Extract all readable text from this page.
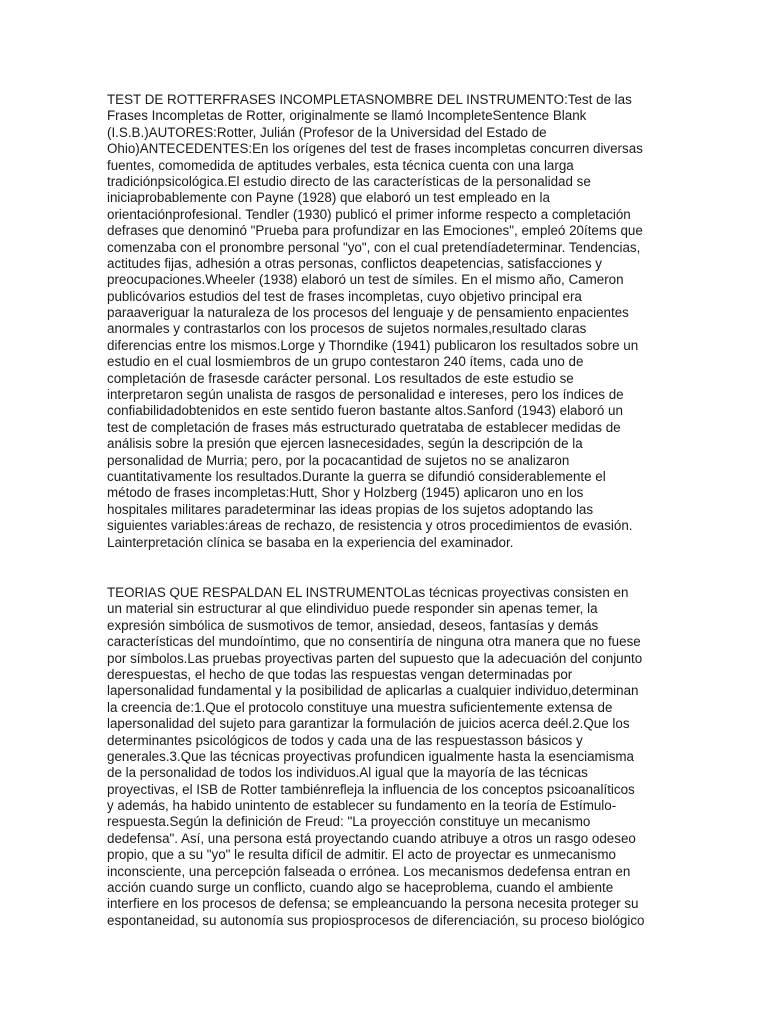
TEST DE ROTTERFRASES INCOMPLETASNOMBRE DEL INSTRUMENTO:Test de las
Frases Incompletas de Rotter, originalmente se llamó IncompleteSentence Blank
(I.S.B.)AUTORES:Rotter, Julián (Profesor de la Universidad del Estado de
Ohio)ANTECEDENTES:En los orígenes del test de frases incompletas concurren diversas
fuentes, comomedida de aptitudes verbales, esta técnica cuenta con una larga
tradiciónpsicológica.El estudio directo de las características de la personalidad se
iniciaprobablemente con Payne (1928) que elaboró un test empleado en la
orientaciónprofesional. Tendler (1930) publicó el primer informe respecto a completación
defrases que denominó "Prueba para profundizar en las Emociones", empleó 20ítems que
comenzaba con el pronombre personal "yo", con el cual pretendíadeterminar. Tendencias,
actitudes fijas, adhesión a otras personas, conflictos deapetencias, satisfacciones y
preocupaciones.Wheeler (1938) elaboró un test de símiles. En el mismo año, Cameron
publicóvarios estudios del test de frases incompletas, cuyo objetivo principal era
paraaveriguar la naturaleza de los procesos del lenguaje y de pensamiento enpacientes
anormales y contrastarlos con los procesos de sujetos normales,resultado claras
diferencias entre los mismos.Lorge y Thorndike (1941) publicaron los resultados sobre un
estudio en el cual losmiembros de un grupo contestaron 240 ítems, cada uno de
completación de frasesde carácter personal. Los resultados de este estudio se
interpretaron según unalista de rasgos de personalidad e intereses, pero los índices de
confiabilidadobtenidos en este sentido fueron bastante altos.Sanford (1943) elaboró un
test de completación de frases más estructurado quetrataba de establecer medidas de
análisis sobre la presión que ejercen lasnecesidades, según la descripción de la
personalidad de Murria; pero, por la pocacantidad de sujetos no se analizaron
cuantitativamente los resultados.Durante la guerra se difundió considerablemente el
método de frases incompletas:Hutt, Shor y Holzberg (1945) aplicaron uno en los
hospitales militares paradeterminar las ideas propias de los sujetos adoptando las
siguientes variables:áreas de rechazo, de resistencia y otros procedimientos de evasión.
Lainterpretación clínica se basaba en la experiencia del examinador.

TEORIAS QUE RESPALDAN EL INSTRUMENTOLas técnicas proyectivas consisten en
un material sin estructurar al que elindividuo puede responder sin apenas temer, la
expresión simbólica de susmotivos de temor, ansiedad, deseos, fantasías y demás
características del mundoíntimo, que no consentiría de ninguna otra manera que no fuese
por símbolos.Las pruebas proyectivas parten del supuesto que la adecuación del conjunto
derespuestas, el hecho de que todas las respuestas vengan determinadas por
lapersonalidad fundamental y la posibilidad de aplicarlas a cualquier individuo,determinan
la creencia de:1.Que el protocolo constituye una muestra suficientemente extensa de
lapersonalidad del sujeto para garantizar la formulación de juicios acerca deél.2.Que los
determinantes psicológicos de todos y cada una de las respuestasson básicos y
generales.3.Que las técnicas proyectivas profundicen igualmente hasta la esenciamisma
de la personalidad de todos los individuos.Al igual que la mayoría de las técnicas
proyectivas, el ISB de Rotter tambiénrefleja la influencia de los conceptos psicoanalíticos
y además, ha habido unintento de establecer su fundamento en la teoría de Estímulo-
respuesta.Según la definición de Freud: "La proyección constituye un mecanismo
dedefensa". Así, una persona está proyectando cuando atribuye a otros un rasgo odeseo
propio, que a su "yo" le resulta difícil de admitir. El acto de proyectar es unmecanismo
inconsciente, una percepción falseada o errónea. Los mecanismos dedefensa entran en
acción cuando surge un conflicto, cuando algo se haceproblema, cuando el ambiente
interfiere en los procesos de defensa; se empleancuando la persona necesita proteger su
espontaneidad, su autonomía sus propiosprocesos de diferenciación, su proceso biológico
